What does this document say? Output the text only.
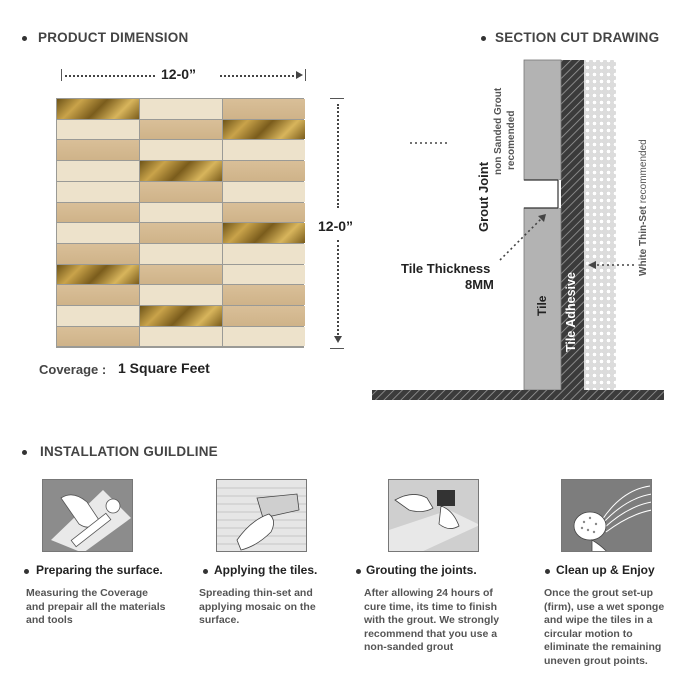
PRODUCT DIMENSION
12-0”
12-0”
Coverage : 1 Square Feet
SECTION CUT DRAWING
Grout Joint
non Sanded Grout recomended
Tile Tile Adhesive
White Thin-Set recommended
Tile Thickness
8MM
INSTALLATION GUILDLINE
Preparing the surface.	Applying the tiles.	Grouting the joints.	Clean up & Enjoy
Measuring the Coverage and prepair all the materials and tools
Spreading thin-set and applying mosaic on the surface.
After allowing 24 hours of cure time, its time to finish with the grout. We strongly recommend that you use a non-sanded grout
Once the grout set-up (firm), use a wet sponge and wipe the tiles in a circular motion to eliminate the remaining uneven grout points.
